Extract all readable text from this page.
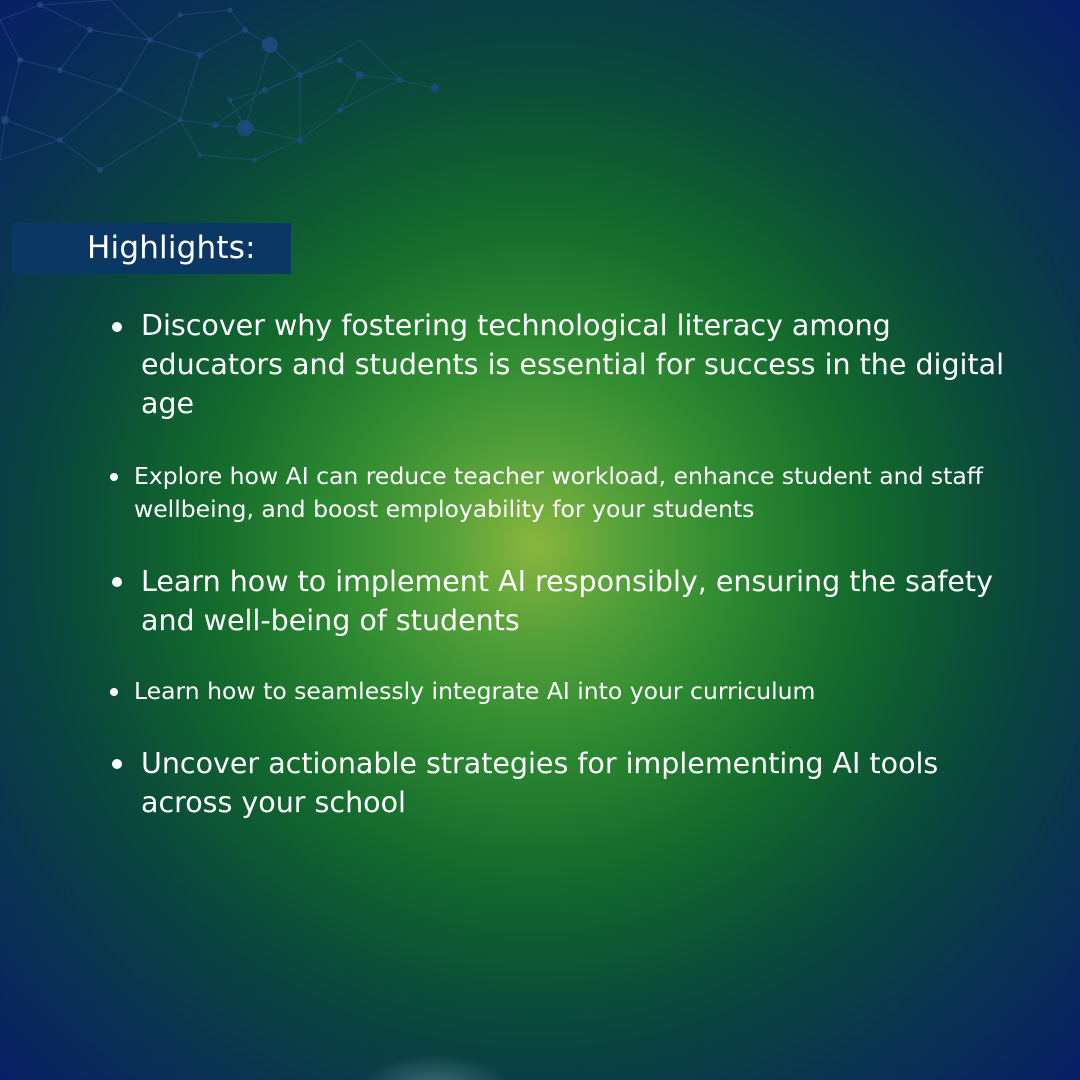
Highlights:
Discover why fostering technological literacy among educators and students is essential for success in the digital age
Explore how AI can reduce teacher workload, enhance student and staff wellbeing, and boost employability for your students
Learn how to implement AI responsibly, ensuring the safety and well-being of students
Learn how to seamlessly integrate AI into your curriculum
Uncover actionable strategies for implementing AI tools across your school
